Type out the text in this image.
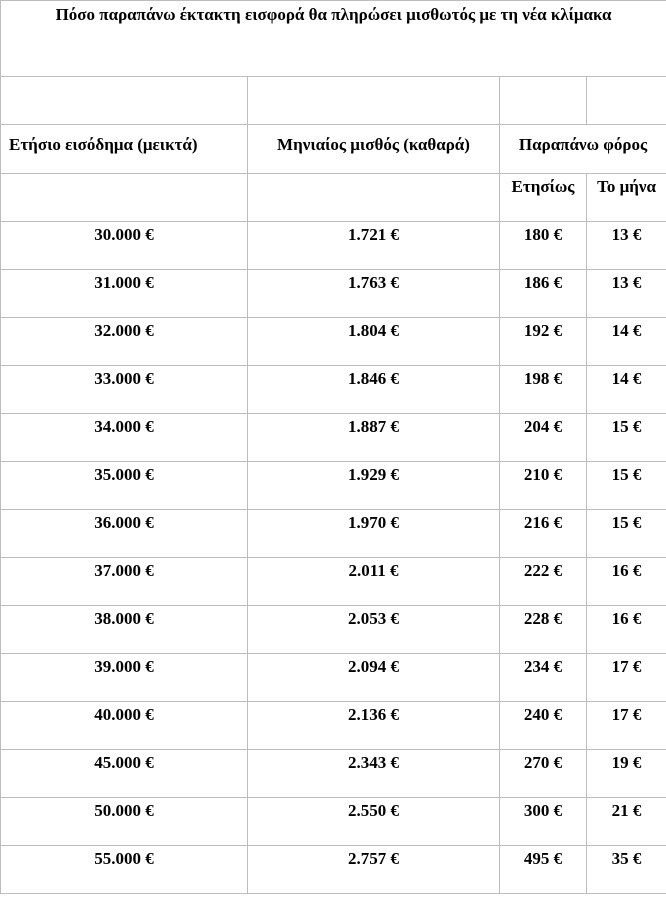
Πόσο παραπάνω έκτακτη εισφορά θα πληρώσει μισθωτός με τη νέα κλίμακα			

Ετήσιο εισόδημα (μεικτά)	Μηνιαίος μισθός (καθαρά)	Παραπάνω φόρος	

		Ετησίως	Το μήνα

30.000 €	1.721 €	180 €	13 €

31.000 €	1.763 €	186 €	13 €

32.000 €	1.804 €	192 €	14 €

33.000 €	1.846 €	198 €	14 €

34.000 €	1.887 €	204 €	15 €

35.000 €	1.929 €	210 €	15 €

36.000 €	1.970 €	216 €	15 €

37.000 €	2.011 €	222 €	16 €

38.000 €	2.053 €	228 €	16 €

39.000 €	2.094 €	234 €	17 €

40.000 €	2.136 €	240 €	17 €

45.000 €	2.343 €	270 €	19 €

50.000 €	2.550 €	300 €	21 €

55.000 €	2.757 €	495 €	35 €
